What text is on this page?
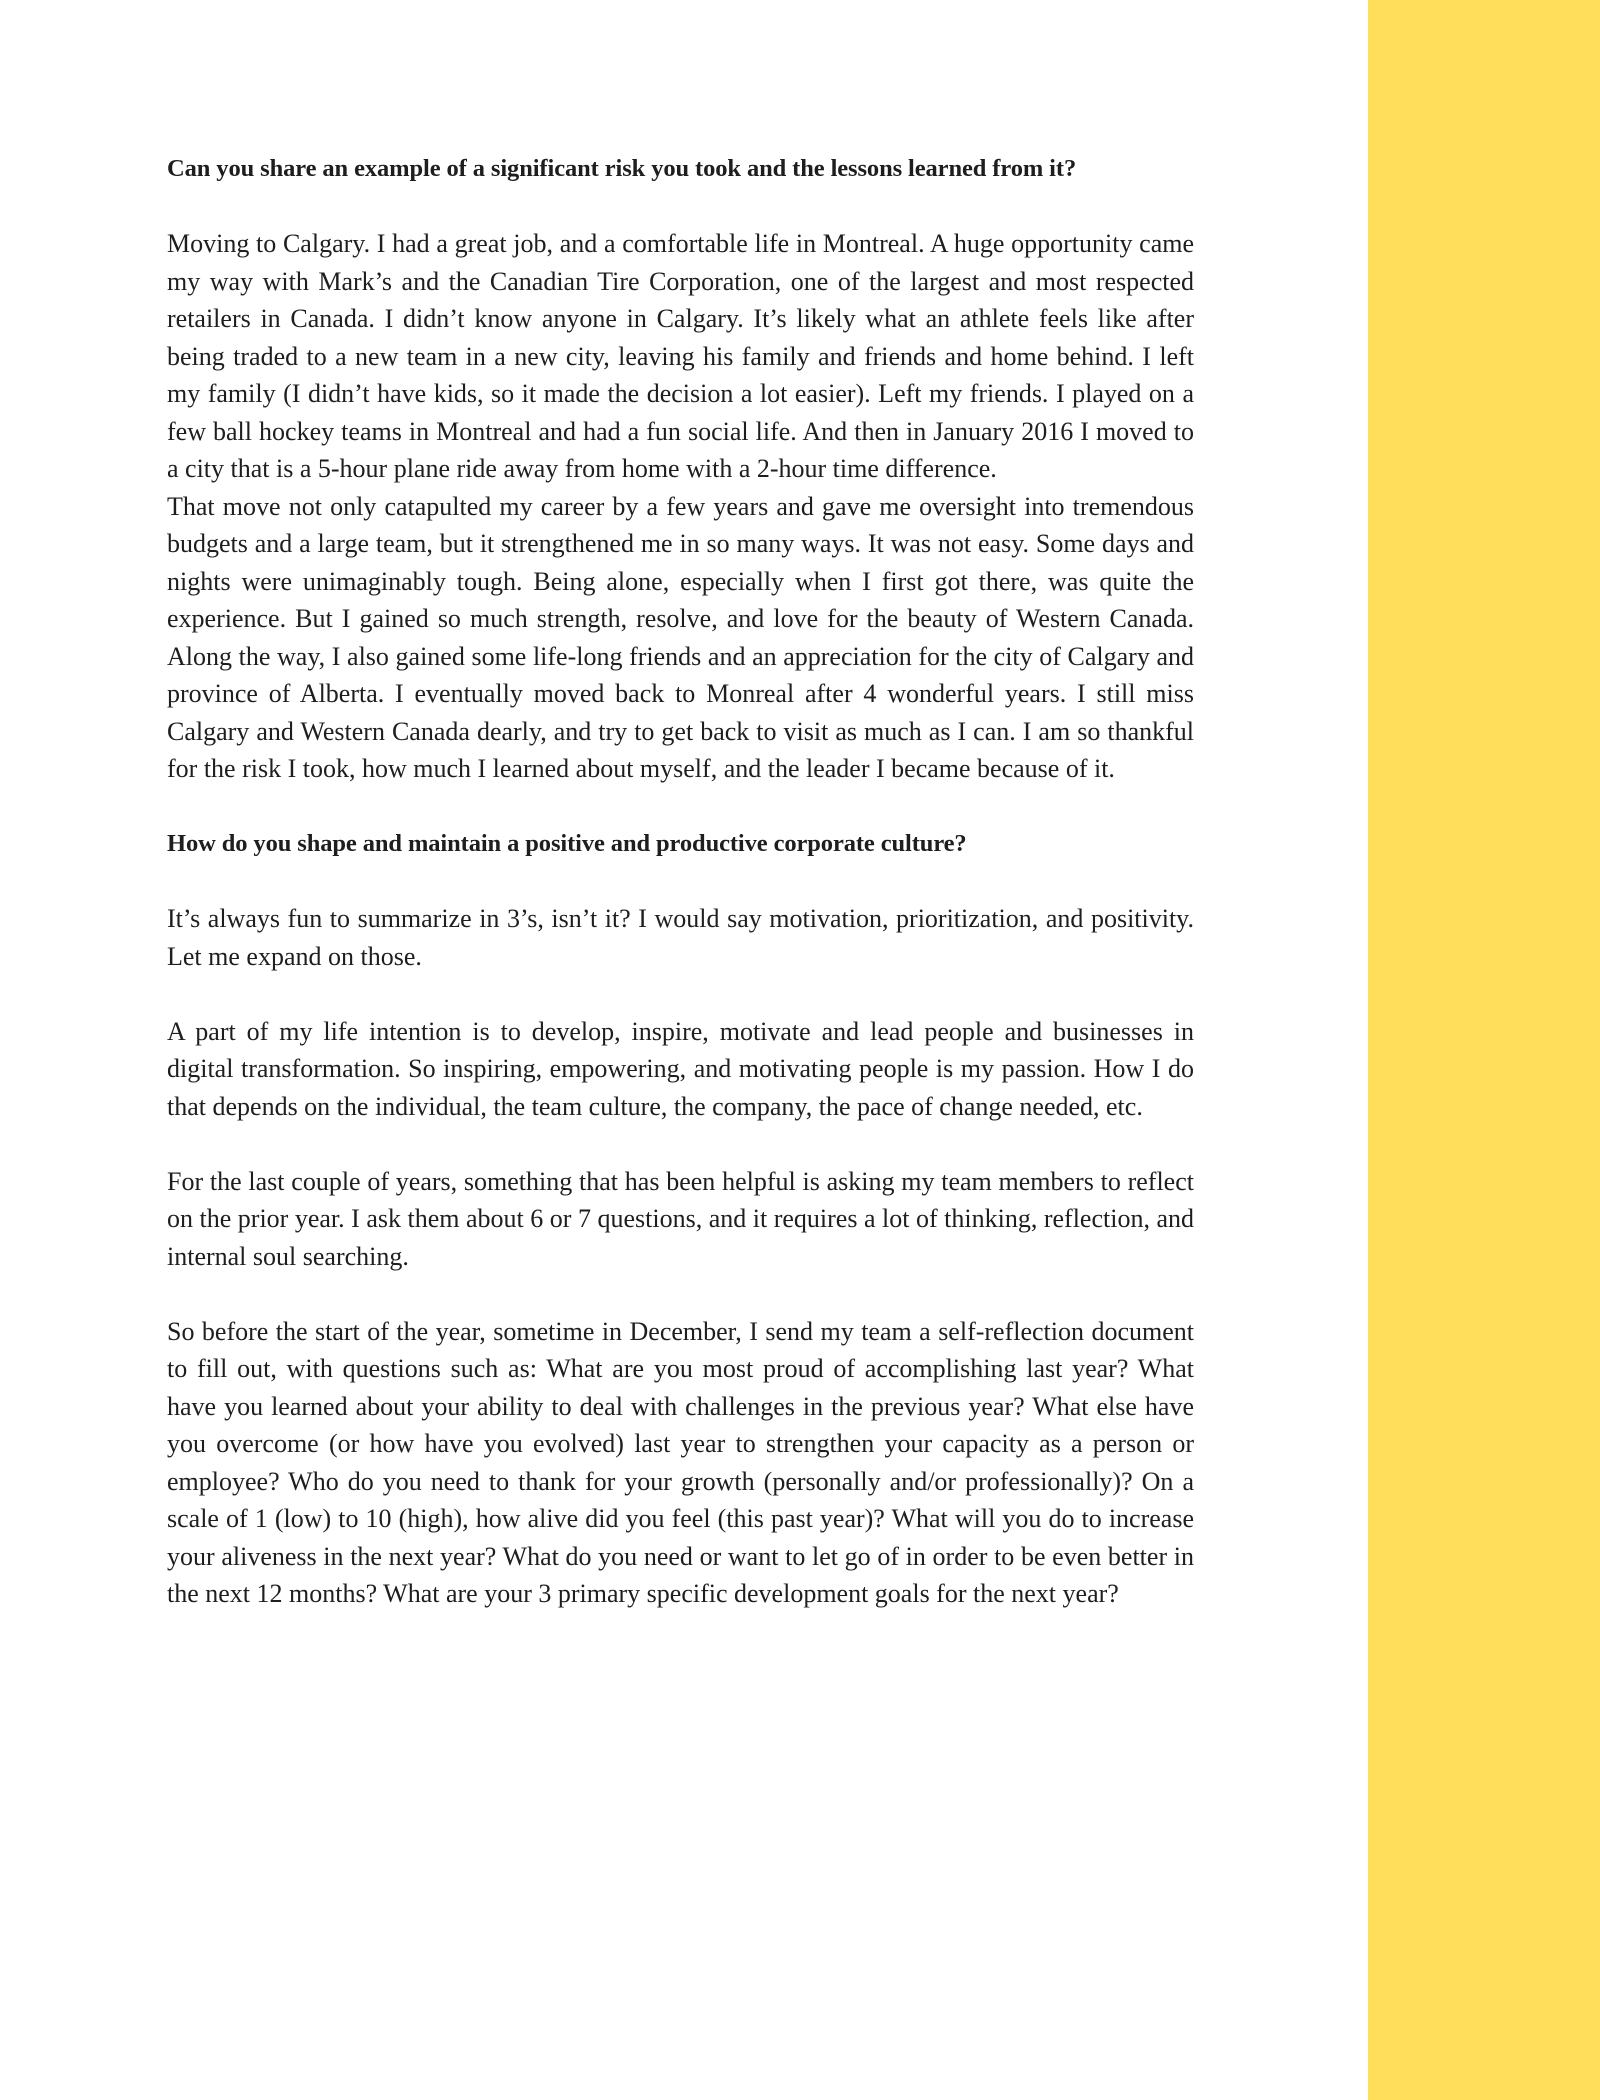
Can you share an example of a significant risk you took and the lessons learned from it?

Moving to Calgary. I had a great job, and a comfortable life in Montreal. A huge opportunity came my way with Mark’s and the Canadian Tire Corporation, one of the largest and most respected retailers in Canada. I didn’t know anyone in Calgary. It’s likely what an athlete feels like after being traded to a new team in a new city, leaving his family and friends and home behind. I left my family (I didn’t have kids, so it made the decision a lot easier). Left my friends. I played on a few ball hockey teams in Montreal and had a fun social life. And then in January 2016 I moved to a city that is a 5-hour plane ride away from home with a 2-hour time difference.

That move not only catapulted my career by a few years and gave me oversight into tremendous budgets and a large team, but it strengthened me in so many ways. It was not easy. Some days and nights were unimaginably tough. Being alone, especially when I first got there, was quite the experience. But I gained so much strength, resolve, and love for the beauty of Western Canada. Along the way, I also gained some life-long friends and an appreciation for the city of Calgary and province of Alberta. I eventually moved back to Monreal after 4 wonderful years. I still miss Calgary and Western Canada dearly, and try to get back to visit as much as I can. I am so thankful for the risk I took, how much I learned about myself, and the leader I became because of it.

How do you shape and maintain a positive and productive corporate culture?

It’s always fun to summarize in 3’s, isn’t it? I would say motivation, prioritization, and positivity. Let me expand on those.

A part of my life intention is to develop, inspire, motivate and lead people and businesses in digital transformation. So inspiring, empowering, and motivating people is my passion. How I do that depends on the individual, the team culture, the company, the pace of change needed, etc.

For the last couple of years, something that has been helpful is asking my team members to reflect on the prior year. I ask them about 6 or 7 questions, and it requires a lot of thinking, reflection, and internal soul searching.

So before the start of the year, sometime in December, I send my team a self-reflection document to fill out, with questions such as: What are you most proud of accomplishing last year? What have you learned about your ability to deal with challenges in the previous year? What else have you overcome (or how have you evolved) last year to strengthen your capacity as a person or employee? Who do you need to thank for your growth (personally and/or professionally)? On a scale of 1 (low) to 10 (high), how alive did you feel (this past year)? What will you do to increase your aliveness in the next year? What do you need or want to let go of in order to be even better in the next 12 months? What are your 3 primary specific development goals for the next year?
